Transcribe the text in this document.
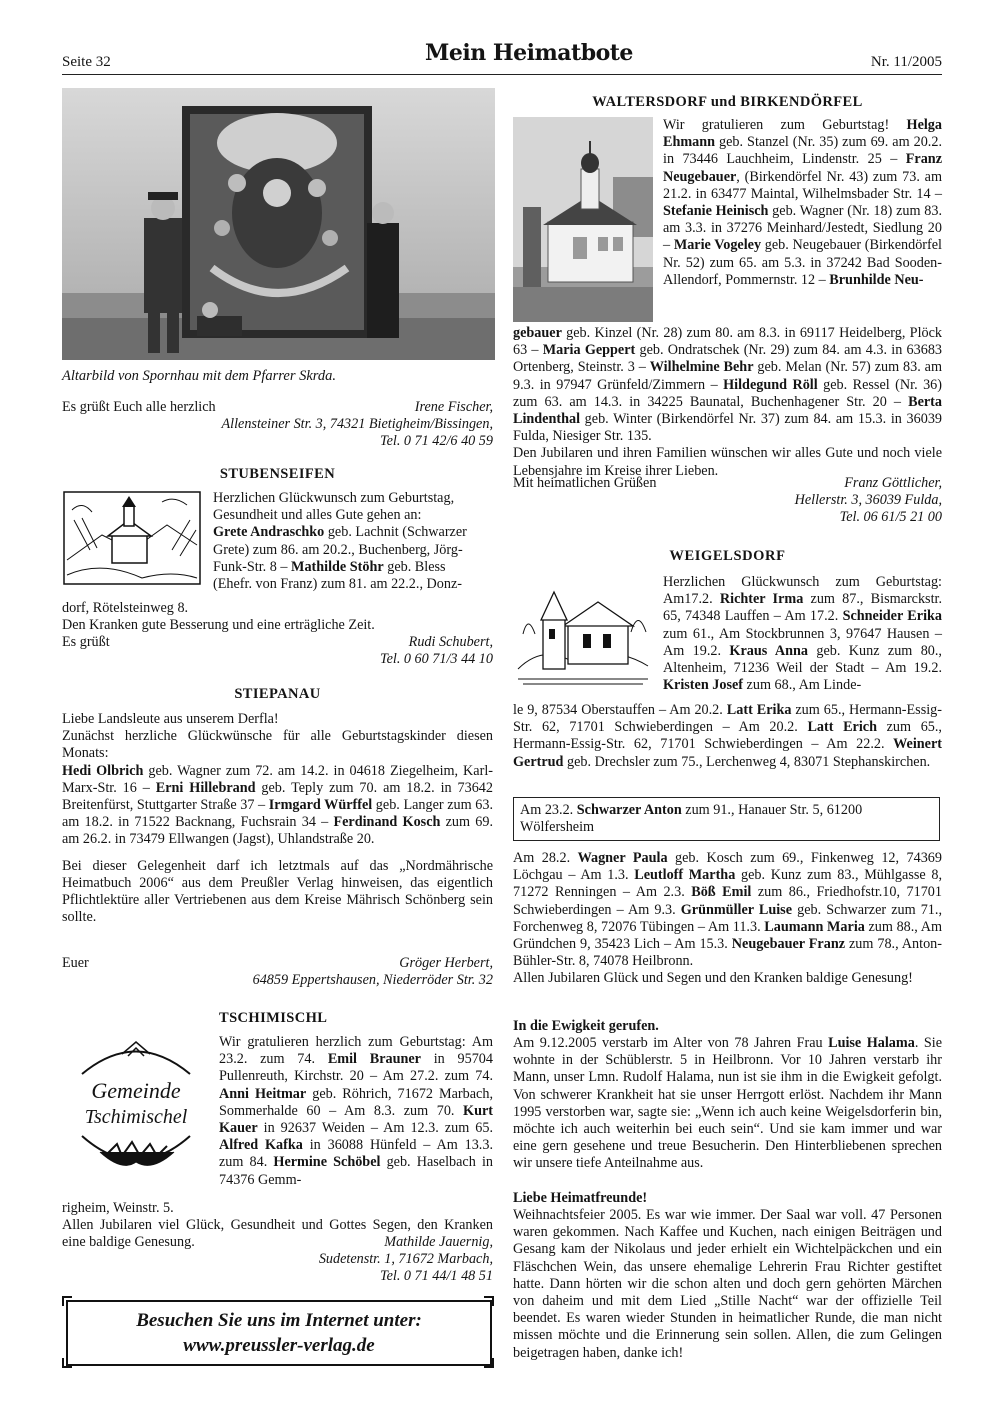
Seite 32	Mein Heimatbote	Nr. 11/2005
Altarbild von Spornhau mit dem Pfarrer Skrda.
Es grüßt Euch alle herzlich	Irene Fischer,
Allensteiner Str. 3, 74321 Bietigheim/Bissingen,
Tel. 0 71 42/6 40 59
STUBENSEIFEN

Herzlichen Glückwunsch zum Geburtstag,

Gesundheit und alles Gute gehen an:

Grete Andraschko geb. Lachnit (Schwarzer

Grete) zum 86. am 20.2., Buchenberg, Jörg-

Funk-Str. 8 – Mathilde Stöhr geb. Bless

(Ehefr. von Franz) zum 81. am 22.2., Donz-

dorf, Rötelsteinweg 8.
Den Kranken gute Besserung und eine erträgliche Zeit.
Es grüßt	Rudi Schubert,
Tel. 0 60 71/3 44 10
STIEPANAU

Liebe Landsleute aus unserem Derfla!

Zunächst herzliche Glückwünsche für alle Geburtstagskinder diesen Monats:

Hedi Olbrich geb. Wagner zum 72. am 14.2. in 04618 Ziegelheim, Karl-Marx-Str. 16 – Erni Hillebrand geb. Teply zum 70. am 18.2. in 73642 Breitenfürst, Stuttgarter Straße 37 – Irmgard Würffel geb. Langer zum 63. am 18.2. in 71522 Backnang, Fuchsrain 34 – Ferdinand Kosch zum 69. am 26.2. in 73479 Ellwangen (Jagst), Uhlandstraße 20.

Bei dieser Gelegenheit darf ich letztmals auf das „Nordmährische Heimatbuch 2006“ aus dem Preußler Verlag hinweisen, das eigentlich Pflichtlektüre aller Vertriebenen aus dem Kreise Mährisch Schönberg sein sollte.

Euer	Gröger Herbert,
64859 Eppertshausen, Niederröder Str. 32
TSCHIMISCHL
Gemeinde
Tschimischel

Wir gratulieren herzlich zum Geburtstag: Am 23.2. zum 74. Emil Brauner in 95704 Pullenreuth, Kirchstr. 20 – Am 27.2. zum 74. Anni Heitmar geb. Röhrich, 71672 Marbach, Sommerhalde 60 – Am 8.3. zum 70. Kurt Kauer in 92637 Weiden – Am 12.3. zum 65. Alfred Kafka in 36088 Hünfeld – Am 13.3. zum 84. Hermine Schöbel geb. Haselbach in 74376 Gemm-

righeim, Weinstr. 5.
Allen Jubilaren viel Glück, Gesundheit und Gottes Segen, den Kranken eine baldige Genesung.	Mathilde Jauernig,
Sudetenstr. 1, 71672 Marbach,
Tel. 0 71 44/1 48 51
Besuchen Sie uns im Internet unter:
www.preussler-verlag.de
WALTERSDORF und BIRKENDÖRFEL

Wir gratulieren zum Geburtstag! Helga Ehmann geb. Stanzel (Nr. 35) zum 69. am 20.2. in 73446 Lauchheim, Lindenstr. 25 – Franz Neugebauer, (Birkendörfel Nr. 43) zum 73. am 21.2. in 63477 Maintal, Wilhelmsbader Str. 14 – Stefanie Heinisch geb. Wagner (Nr. 18) zum 83. am 3.3. in 37276 Meinhard/Jestedt, Siedlung 20 – Marie Vogeley geb. Neugebauer (Birkendörfel Nr. 52) zum 65. am 5.3. in 37242 Bad Sooden-Allendorf, Pommernstr. 12 – Brunhilde Neu-

gebauer geb. Kinzel (Nr. 28) zum 80. am 8.3. in 69117 Heidelberg, Plöck 63 – Maria Geppert geb. Ondratschek (Nr. 29) zum 84. am 4.3. in 63683 Ortenberg, Steinstr. 3 – Wilhelmine Behr geb. Melan (Nr. 57) zum 83. am 9.3. in 97947 Grünfeld/Zimmern – Hildegund Röll geb. Ressel (Nr. 36) zum 63. am 14.3. in 34225 Baunatal, Buchenhagener Str. 20 – Berta Lindenthal geb. Winter (Birkendörfel Nr. 37) zum 84. am 15.3. in 36039 Fulda, Niesiger Str. 135.

Den Jubilaren und ihren Familien wünschen wir alles Gute und noch viele Lebensjahre im Kreise ihrer Lieben.

Mit heimatlichen Grüßen	Franz Göttlicher,
Hellerstr. 3, 36039 Fulda,
Tel. 06 61/5 21 00
WEIGELSDORF

Herzlichen Glückwunsch zum Geburtstag: Am17.2. Richter Irma zum 87., Bismarckstr. 65, 74348 Lauffen – Am 17.2. Schneider Erika zum 61., Am Stockbrunnen 3, 97647 Hausen – Am 19.2. Kraus Anna geb. Kunz zum 80., Altenheim, 71236 Weil der Stadt – Am 19.2. Kristen Josef zum 68., Am Linde-

le 9, 87534 Oberstauffen – Am 20.2. Latt Erika zum 65., Hermann-Essig-Str. 62, 71701 Schwieberdingen – Am 20.2. Latt Erich zum 65., Hermann-Essig-Str. 62, 71701 Schwieberdingen – Am 22.2. Weinert Gertrud geb. Drechsler zum 75., Lerchenweg 4, 83071 Stephanskirchen.

Am 23.2. Schwarzer Anton zum 91., Hanauer Str. 5, 61200 Wölfersheim

Am 28.2. Wagner Paula geb. Kosch zum 69., Finkenweg 12, 74369 Löchgau – Am 1.3. Leutloff Martha geb. Kunz zum 83., Mühlgasse 8, 71272 Renningen – Am 2.3. Böß Emil zum 86., Friedhofstr.10, 71701 Schwieberdingen – Am 9.3. Grünmüller Luise geb. Schwarzer zum 71., Forchenweg 8, 72076 Tübingen – Am 11.3. Laumann Maria zum 88., Am Gründchen 9, 35423 Lich – Am 15.3. Neugebauer Franz zum 78., Anton-Bühler-Str. 8, 74078 Heilbronn.

Allen Jubilaren Glück und Segen und den Kranken baldige Genesung!

In die Ewigkeit gerufen.

Am 9.12.2005 verstarb im Alter von 78 Jahren Frau Luise Halama. Sie wohnte in der Schüblerstr. 5 in Heilbronn. Vor 10 Jahren verstarb ihr Mann, unser Lmn. Rudolf Halama, nun ist sie ihm in die Ewigkeit gefolgt. Von schwerer Krankheit hat sie unser Herrgott erlöst. Nachdem ihr Mann 1995 verstorben war, sagte sie: „Wenn ich auch keine Weigelsdorferin bin, möchte ich auch weiterhin bei euch sein“. Und sie kam immer und war eine gern gesehene und treue Besucherin. Den Hinterbliebenen sprechen wir unsere tiefe Anteilnahme aus.

Liebe Heimatfreunde!
Weihnachtsfeier 2005. Es war wie immer. Der Saal war voll. 47 Personen waren gekommen. Nach Kaffee und Kuchen, nach einigen Beiträgen und Gesang kam der Nikolaus und jeder erhielt ein Wichtelpäckchen und ein Fläschchen Wein, das unsere ehemalige Lehrerin Frau Richter gestiftet hatte. Dann hörten wir die schon alten und doch gern gehörten Märchen von daheim und mit dem Lied „Stille Nacht“ war der offizielle Teil beendet. Es waren wieder Stunden in heimatlicher Runde, die man nicht missen möchte und die Erinnerung sein sollen. Allen, die zum Gelingen beigetragen haben, danke ich!
